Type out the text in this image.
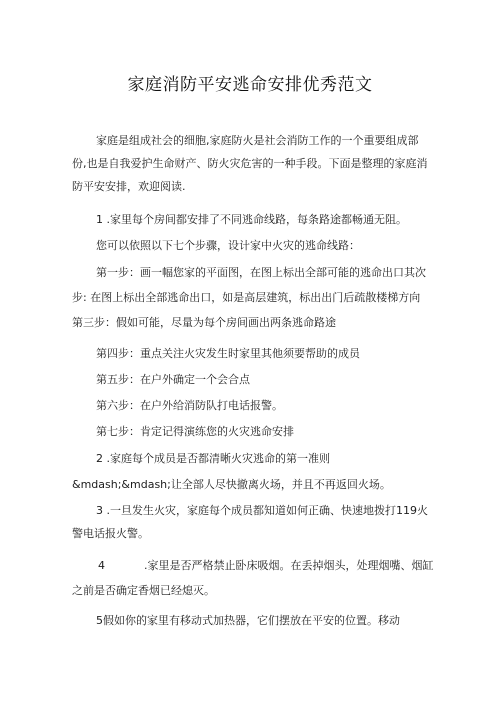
家庭消防平安逃命安排优秀范文

家庭是组成社会的细胞,家庭防火是社会消防工作的一个重要组成部份,也是自我爱护生命财产、防火灾危害的一种手段。下面是整理的家庭消防平安安排，欢迎阅读.

1 .家里每个房间都安排了不同逃命线路，每条路途都畅通无阻。

您可以依照以下七个步骤，设计家中火灾的逃命线路：

第一步：画一幅您家的平面图，在图上标出全部可能的逃命出口其次

步: 在图上标出全部逃命出口，如是高层建筑，标出出门后疏散楼梯方向

第三步：假如可能，尽量为每个房间画出两条逃命路途

第四步：重点关注火灾发生时家里其他须要帮助的成员

第五步：在户外确定一个会合点

第六步：在户外给消防队打电话报警。

第七步：肯定记得演练您的火灾逃命安排

2 .家庭每个成员是否都清晰火灾逃命的第一准则

&mdash;&mdash;让全部人尽快撤离火场，并且不再返回火场。

3 .一旦发生火灾，家庭每个成员都知道如何正确、快速地拨打119火警电话报火警。

4	.家里是否严格禁止卧床吸烟。在丢掉烟头，处理烟嘴、烟缸

之前是否确定香烟已经熄灭。

5假如你的家里有移动式加热器，它们摆放在平安的位置。移动
